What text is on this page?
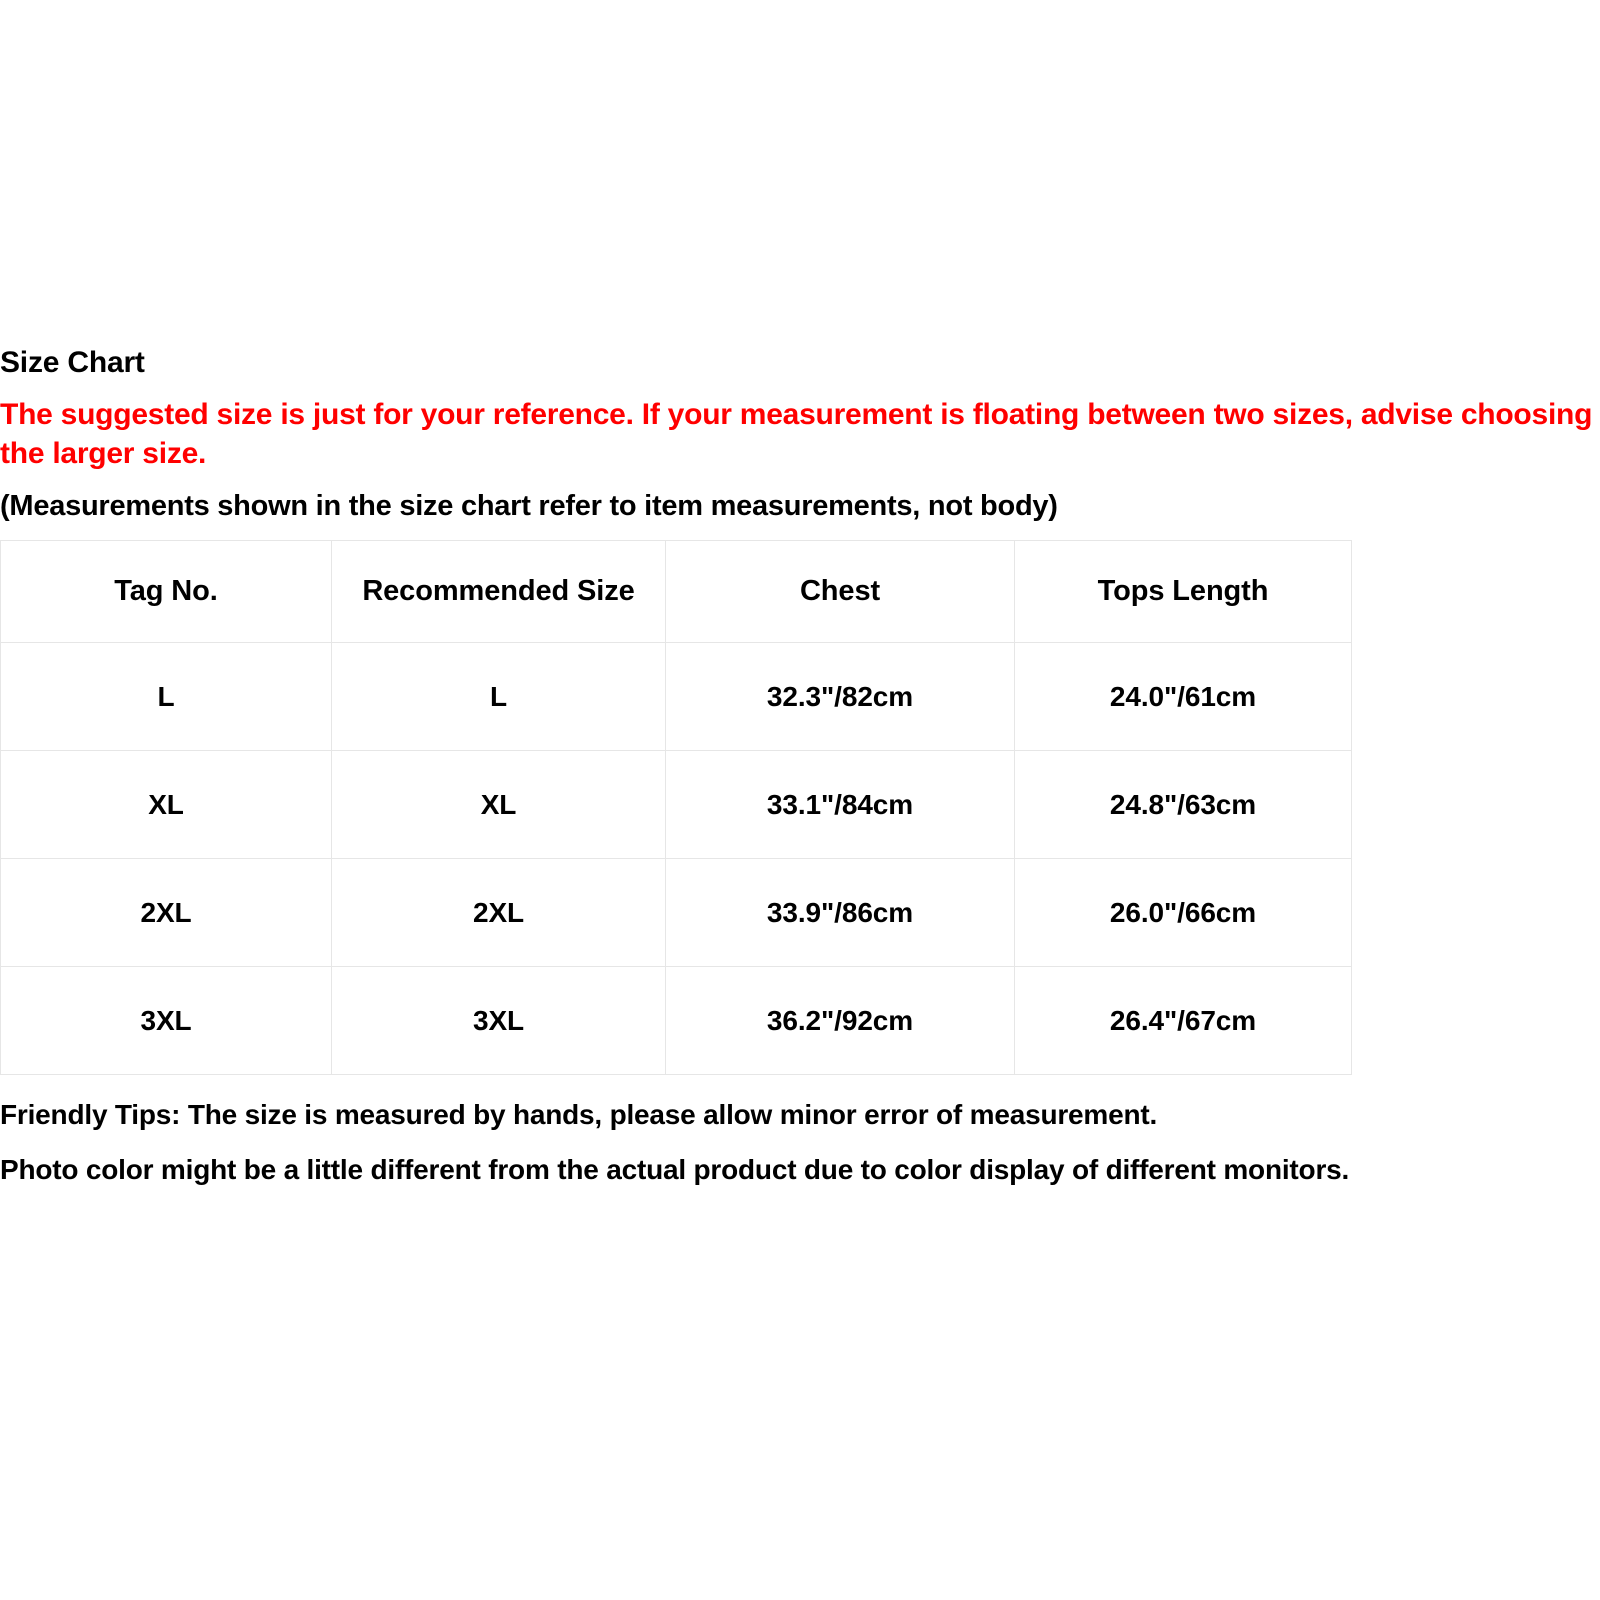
Size Chart

The suggested size is just for your reference. If your measurement is floating between two sizes, advise choosing the larger size.

(Measurements shown in the size chart refer to item measurements, not body)

Tag No.	Recommended Size	Chest	Tops Length
L	L	32.3"/82cm	24.0"/61cm
XL	XL	33.1"/84cm	24.8"/63cm
2XL	2XL	33.9"/86cm	26.0"/66cm
3XL	3XL	36.2"/92cm	26.4"/67cm

Friendly Tips: The size is measured by hands, please allow minor error of measurement.

Photo color might be a little different from the actual product due to color display of different monitors.
